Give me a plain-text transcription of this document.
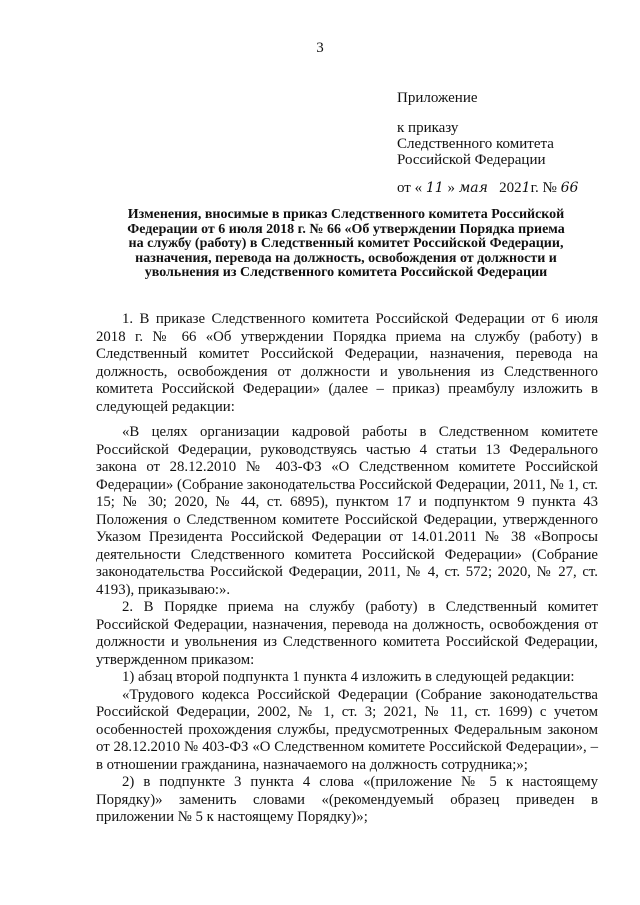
3
Приложение
к приказу
Следственного комитета
Российской Федерации
от « 11 » мая 2021г. № 66
Изменения, вносимые в приказ Следственного комитета Российской
Федерации от 6 июля 2018 г. № 66 «Об утверждении Порядка приема
на службу (работу) в Следственный комитет Российской Федерации,
назначения, перевода на должность, освобождения от должности и
увольнения из Следственного комитета Российской Федерации

1. В приказе Следственного комитета Российской Федерации от 6 июля 2018 г. № 66 «Об утверждении Порядка приема на службу (работу) в Следственный комитет Российской Федерации, назначения, перевода на должность, освобождения от должности и увольнения из Следственного комитета Российской Федерации» (далее – приказ) преамбулу изложить в следующей редакции:

«В целях организации кадровой работы в Следственном комитете Российской Федерации, руководствуясь частью 4 статьи 13 Федерального закона от 28.12.2010 № 403-ФЗ «О Следственном комитете Российской Федерации» (Собрание законодательства Российской Федерации, 2011, № 1, ст. 15; № 30; 2020, № 44, ст. 6895), пунктом 17 и подпунктом 9 пункта 43 Положения о Следственном комитете Российской Федерации, утвержденного Указом Президента Российской Федерации от 14.01.2011 № 38 «Вопросы деятельности Следственного комитета Российской Федерации» (Собрание законодательства Российской Федерации, 2011, № 4, ст. 572; 2020, № 27, ст. 4193), приказываю:».

2. В Порядке приема на службу (работу) в Следственный комитет Российской Федерации, назначения, перевода на должность, освобождения от должности и увольнения из Следственного комитета Российской Федерации, утвержденном приказом:

1) абзац второй подпункта 1 пункта 4 изложить в следующей редакции:

«Трудового кодекса Российской Федерации (Собрание законодательства Российской Федерации, 2002, № 1, ст. 3; 2021, № 11, ст. 1699) с учетом особенностей прохождения службы, предусмотренных Федеральным законом от 28.12.2010 № 403-ФЗ «О Следственном комитете Российской Федерации», – в отношении гражданина, назначаемого на должность сотрудника;»;

2) в подпункте 3 пункта 4 слова «(приложение № 5 к настоящему Порядку)» заменить словами «(рекомендуемый образец приведен в приложении № 5 к настоящему Порядку)»;
